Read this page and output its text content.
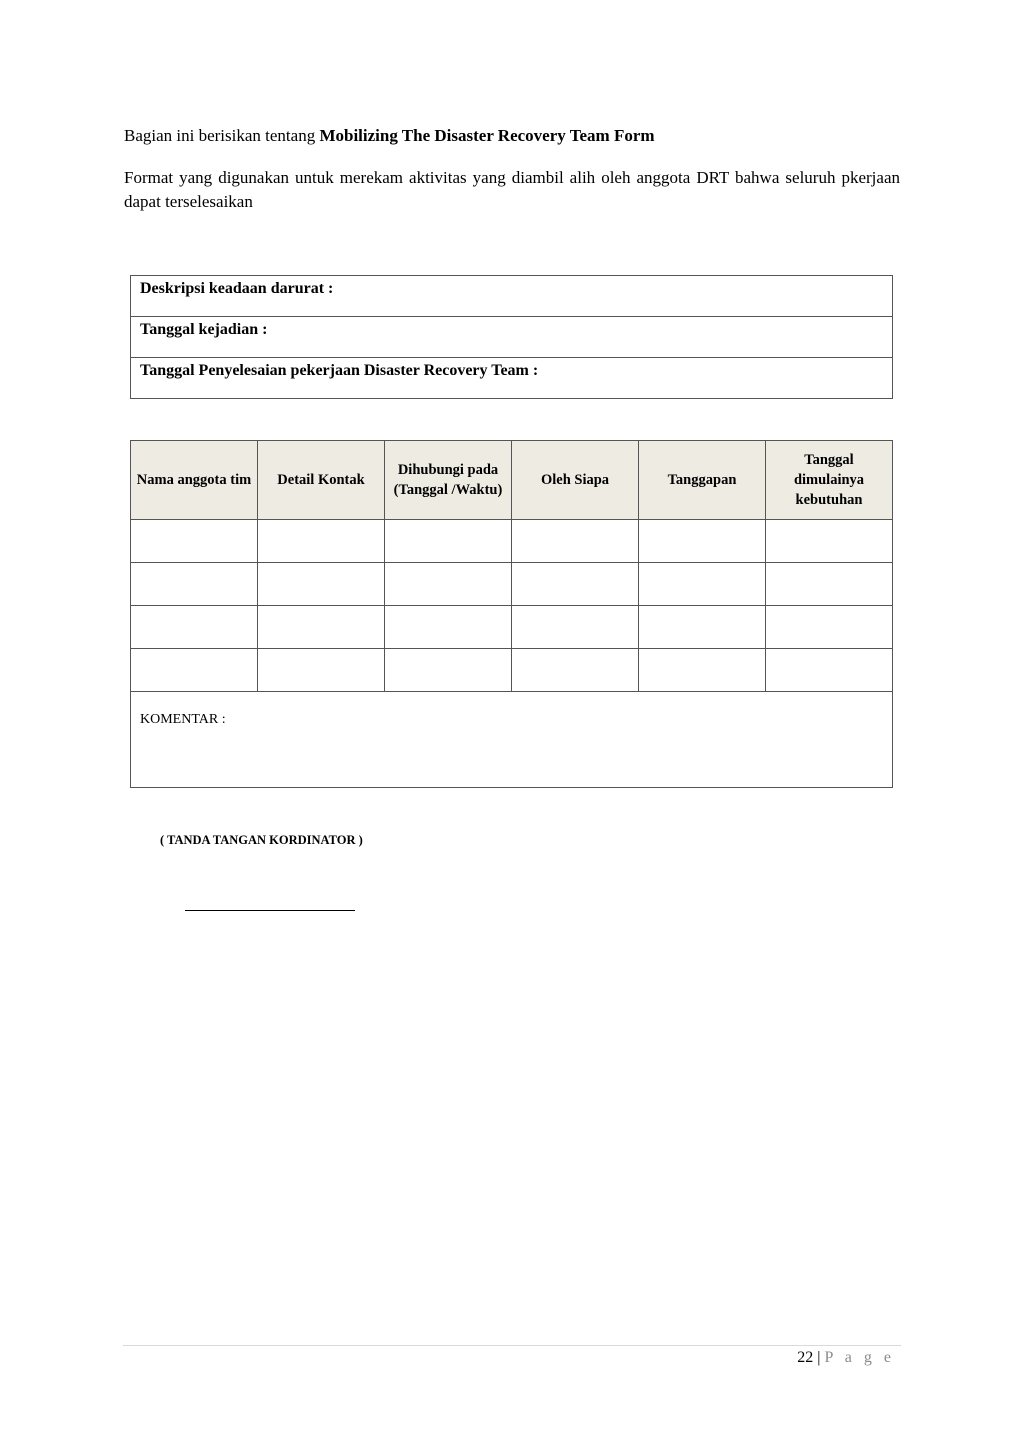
Bagian ini berisikan tentang Mobilizing The Disaster Recovery Team Form

Format yang digunakan untuk merekam aktivitas yang diambil alih oleh anggota DRT bahwa seluruh pkerjaan dapat terselesaikan

Deskripsi keadaan darurat :
Tanggal kejadian :
Tanggal Penyelesaian pekerjaan Disaster Recovery Team :
Nama anggota tim	Detail Kontak	Dihubungi pada (Tanggal /Waktu)	Oleh Siapa	Tanggapan	Tanggal dimulainya kebutuhan

KOMENTAR :					
( TANDA TANGAN KORDINATOR )
22 | P a g e
